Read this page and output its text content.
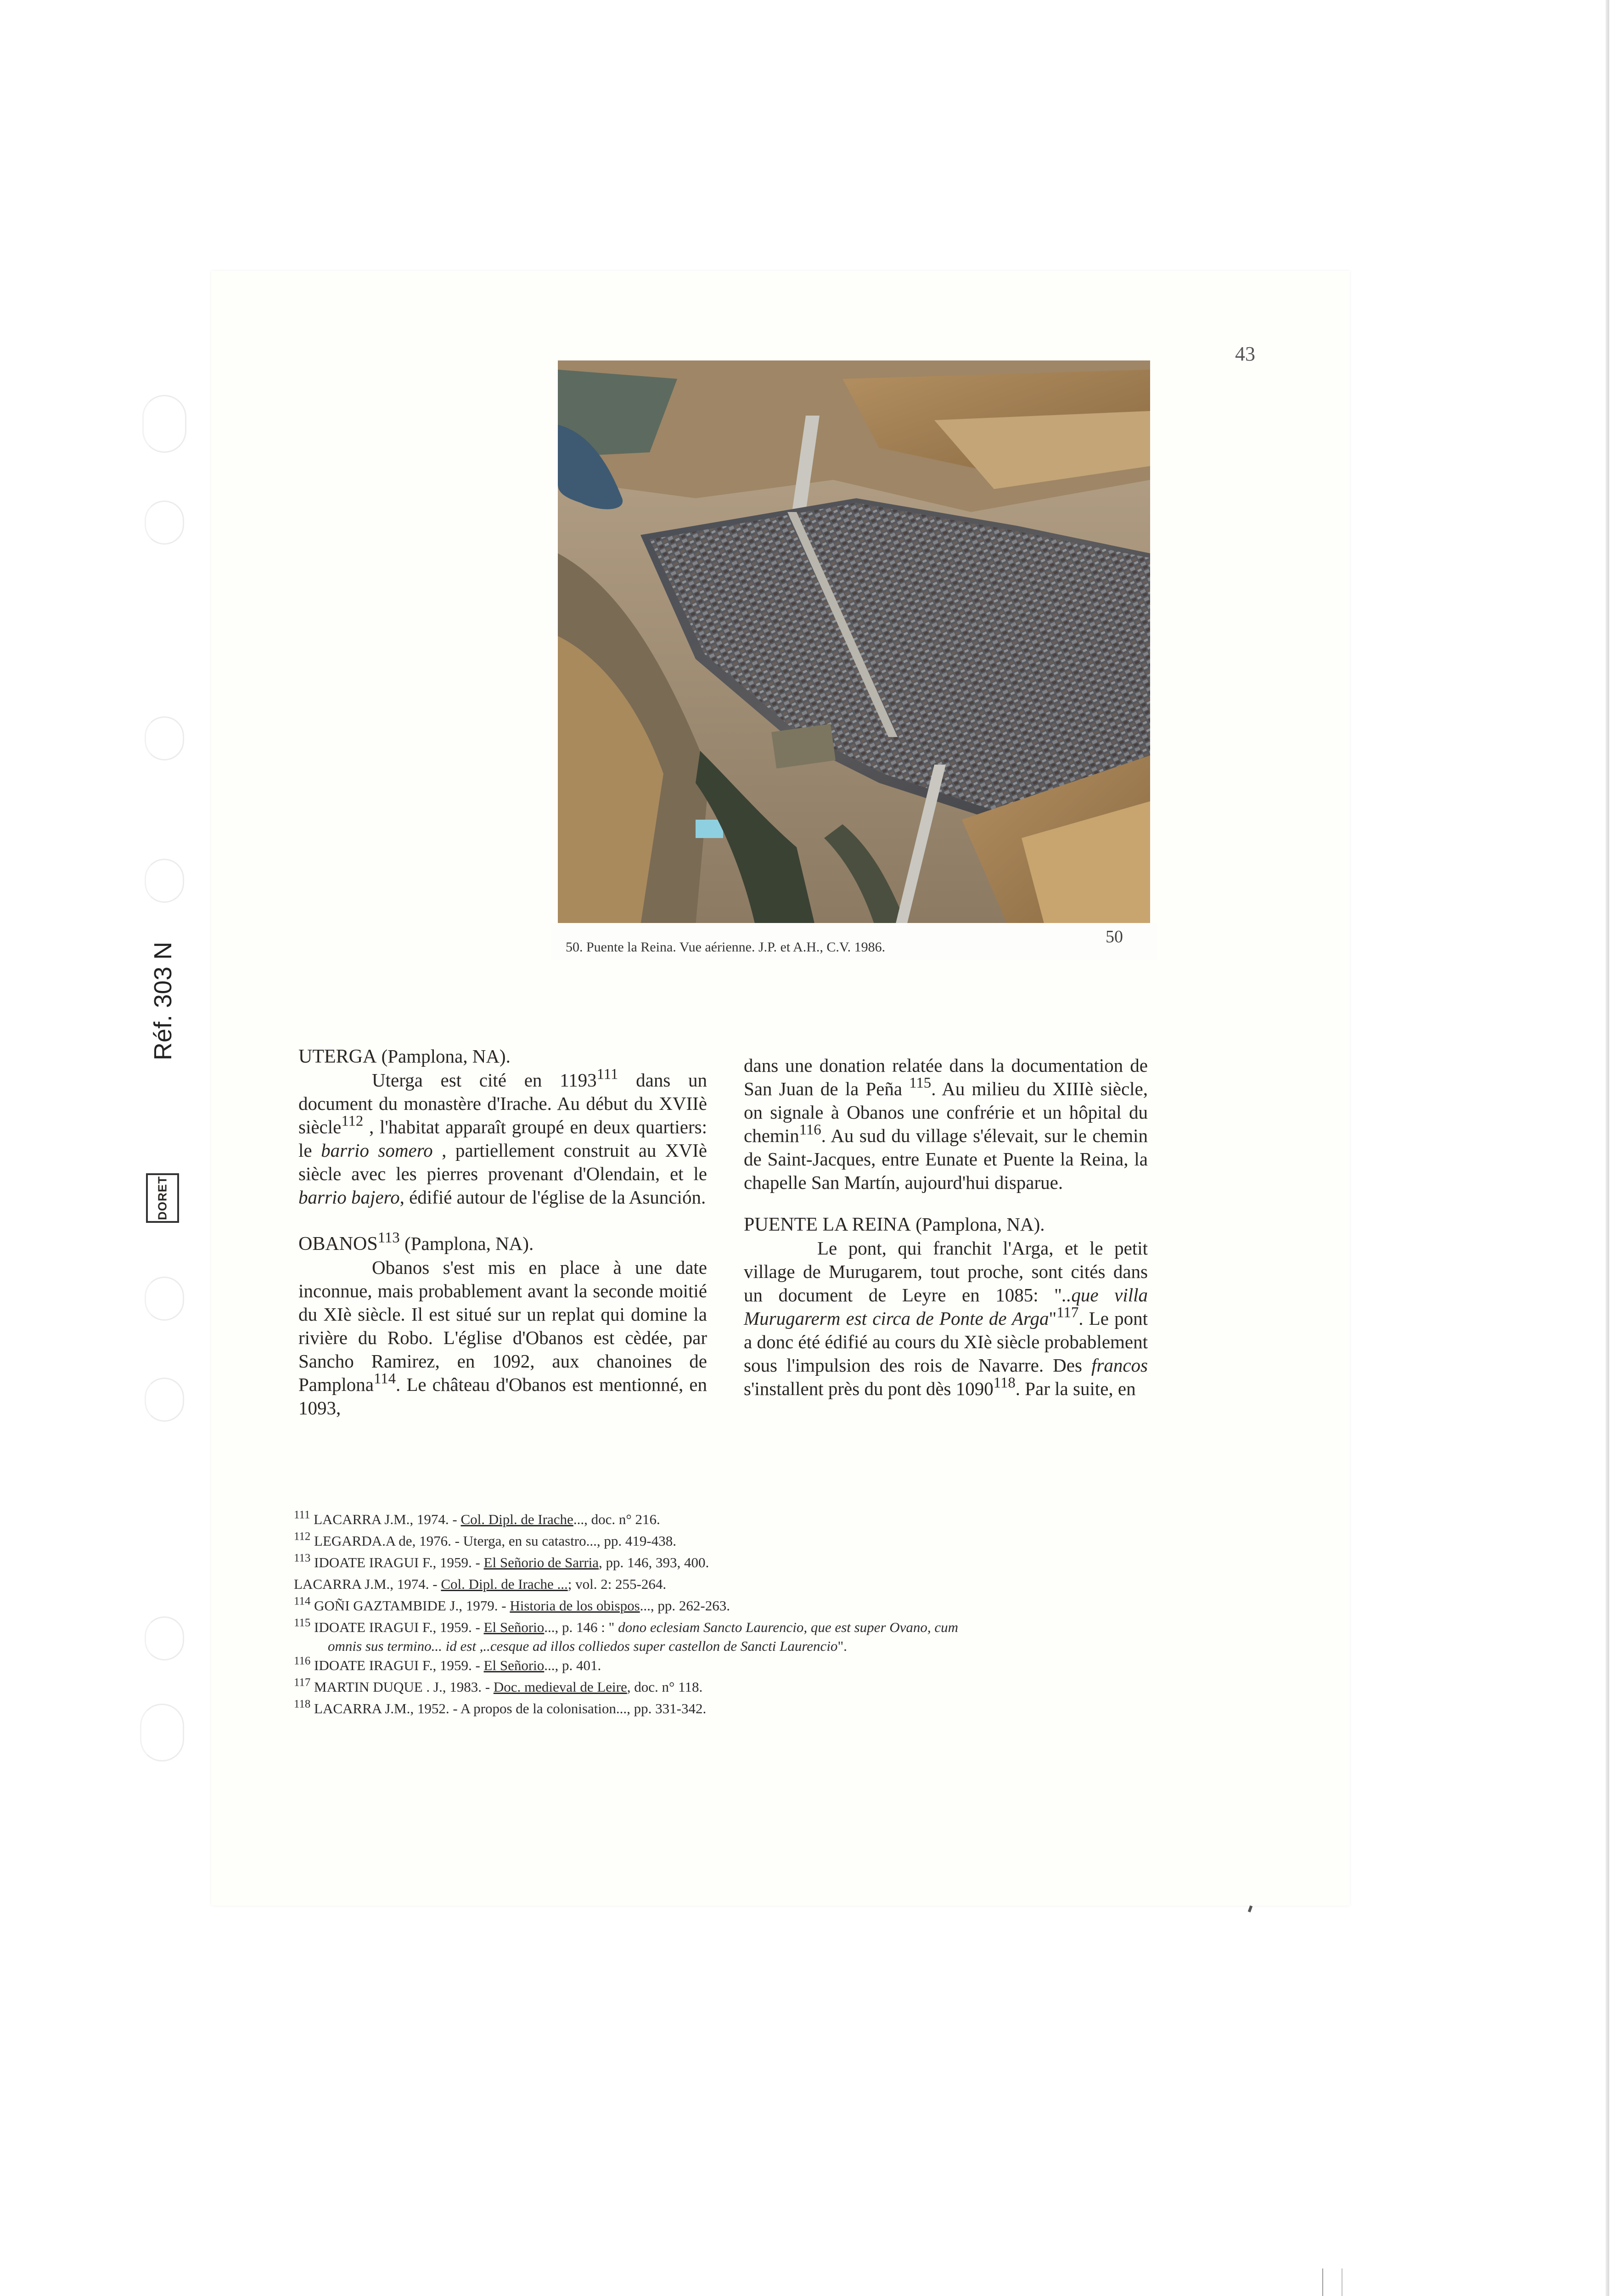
Réf. 303 N
DORET
43
50. Puente la Reina. Vue aérienne. J.P. et A.H., C.V. 1986.
50

UTERGA (Pamplona, NA).

Uterga est cité en 1193$^{111}$ dans un document du monastère d'Irache. Au début du XVIIè siècle$^{112}$ , l'habitat apparaît groupé en deux quartiers: le barrio somero , partiellement construit au XVIè siècle avec les pierres provenant d'Olendain, et le barrio bajero, édifié autour de l'église de la Asunción.

OBANOS$^{113}$ (Pamplona, NA).

Obanos s'est mis en place à une date inconnue, mais probablement avant la seconde moitié du XIè siècle. Il est situé sur un replat qui domine la rivière du Robo. L'église d'Obanos est cèdée, par Sancho Ramirez, en 1092, aux chanoines de Pamplona$^{114}$. Le château d'Obanos est mentionné, en 1093,

dans une donation relatée dans la documentation de San Juan de la Peña $^{115}$. Au milieu du XIIIè siècle, on signale à Obanos une confrérie et un hôpital du chemin$^{116}$. Au sud du village s'élevait, sur le chemin de Saint-Jacques, entre Eunate et Puente la Reina, la chapelle San Martín, aujourd'hui disparue.

PUENTE LA REINA (Pamplona, NA).

Le pont, qui franchit l'Arga, et le petit village de Murugarem, tout proche, sont cités dans un document de Leyre en 1085: "..que villa Murugarerm est circa de Ponte de Arga"$^{117}$. Le pont a donc été édifié au cours du XIè siècle probablement sous l'impulsion des rois de Navarre. Des francos s'installent près du pont dès 1090$^{118}$. Par la suite, en

$^{111}$ LACARRA J.M., 1974. - Col. Dipl. de Irache..., doc. n° 216.
$^{112}$ LEGARDA.A de, 1976. - Uterga, en su catastro..., pp. 419-438.
$^{113}$ IDOATE IRAGUI F., 1959. - El Señorio de Sarria, pp. 146, 393, 400.
LACARRA J.M., 1974. - Col. Dipl. de Irache ...; vol. 2: 255-264.
$^{114}$ GOÑI GAZTAMBIDE J., 1979. - Historia de los obispos..., pp. 262-263.
$^{115}$ IDOATE IRAGUI F., 1959. - El Señorio..., p. 146 : " dono eclesiam Sancto Laurencio, que est super Ovano, cum
omnis sus termino... id est ,..cesque ad illos colliedos super castellon de Sancti Laurencio".
$^{116}$ IDOATE IRAGUI F., 1959. - El Señorio..., p. 401.
$^{117}$ MARTIN DUQUE . J., 1983. - Doc. medieval de Leire, doc. n° 118.
$^{118}$ LACARRA J.M., 1952. - A propos de la colonisation..., pp. 331-342.
